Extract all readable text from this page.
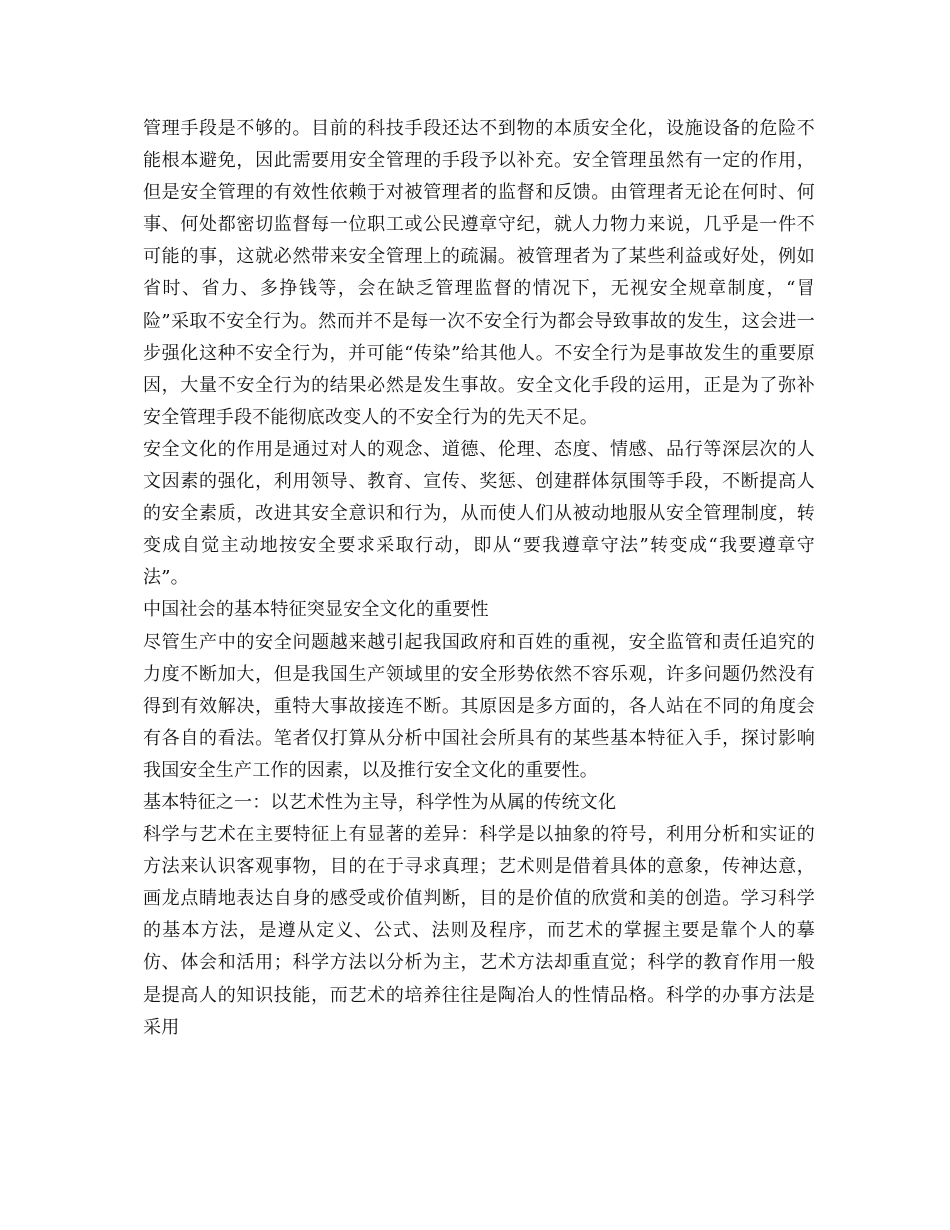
管理手段是不够的。目前的科技手段还达不到物的本质安全化，设施设备的危险不能根本避免，因此需要用安全管理的手段予以补充。安全管理虽然有一定的作用，但是安全管理的有效性依赖于对被管理者的监督和反馈。由管理者无论在何时、何事、何处都密切监督每一位职工或公民遵章守纪，就人力物力来说，几乎是一件不可能的事，这就必然带来安全管理上的疏漏。被管理者为了某些利益或好处，例如省时、省力、多挣钱等，会在缺乏管理监督的情况下，无视安全规章制度，“冒险”采取不安全行为。然而并不是每一次不安全行为都会导致事故的发生，这会进一步强化这种不安全行为，并可能“传染”给其他人。不安全行为是事故发生的重要原因，大量不安全行为的结果必然是发生事故。安全文化手段的运用，正是为了弥补安全管理手段不能彻底改变人的不安全行为的先天不足。

安全文化的作用是通过对人的观念、道德、伦理、态度、情感、品行等深层次的人文因素的强化，利用领导、教育、宣传、奖惩、创建群体氛围等手段，不断提高人的安全素质，改进其安全意识和行为，从而使人们从被动地服从安全管理制度，转变成自觉主动地按安全要求采取行动，即从“要我遵章守法”转变成“我要遵章守法”。

中国社会的基本特征突显安全文化的重要性

尽管生产中的安全问题越来越引起我国政府和百姓的重视，安全监管和责任追究的力度不断加大，但是我国生产领域里的安全形势依然不容乐观，许多问题仍然没有得到有效解决，重特大事故接连不断。其原因是多方面的，各人站在不同的角度会有各自的看法。笔者仅打算从分析中国社会所具有的某些基本特征入手，探讨影响我国安全生产工作的因素，以及推行安全文化的重要性。

基本特征之一：以艺术性为主导，科学性为从属的传统文化

科学与艺术在主要特征上有显著的差异：科学是以抽象的符号，利用分析和实证的方法来认识客观事物，目的在于寻求真理；艺术则是借着具体的意象，传神达意，画龙点睛地表达自身的感受或价值判断，目的是价值的欣赏和美的创造。学习科学的基本方法，是遵从定义、公式、法则及程序，而艺术的掌握主要是靠个人的摹仿、体会和活用；科学方法以分析为主，艺术方法却重直觉；科学的教育作用一般是提高人的知识技能，而艺术的培养往往是陶冶人的性情品格。科学的办事方法是采用
